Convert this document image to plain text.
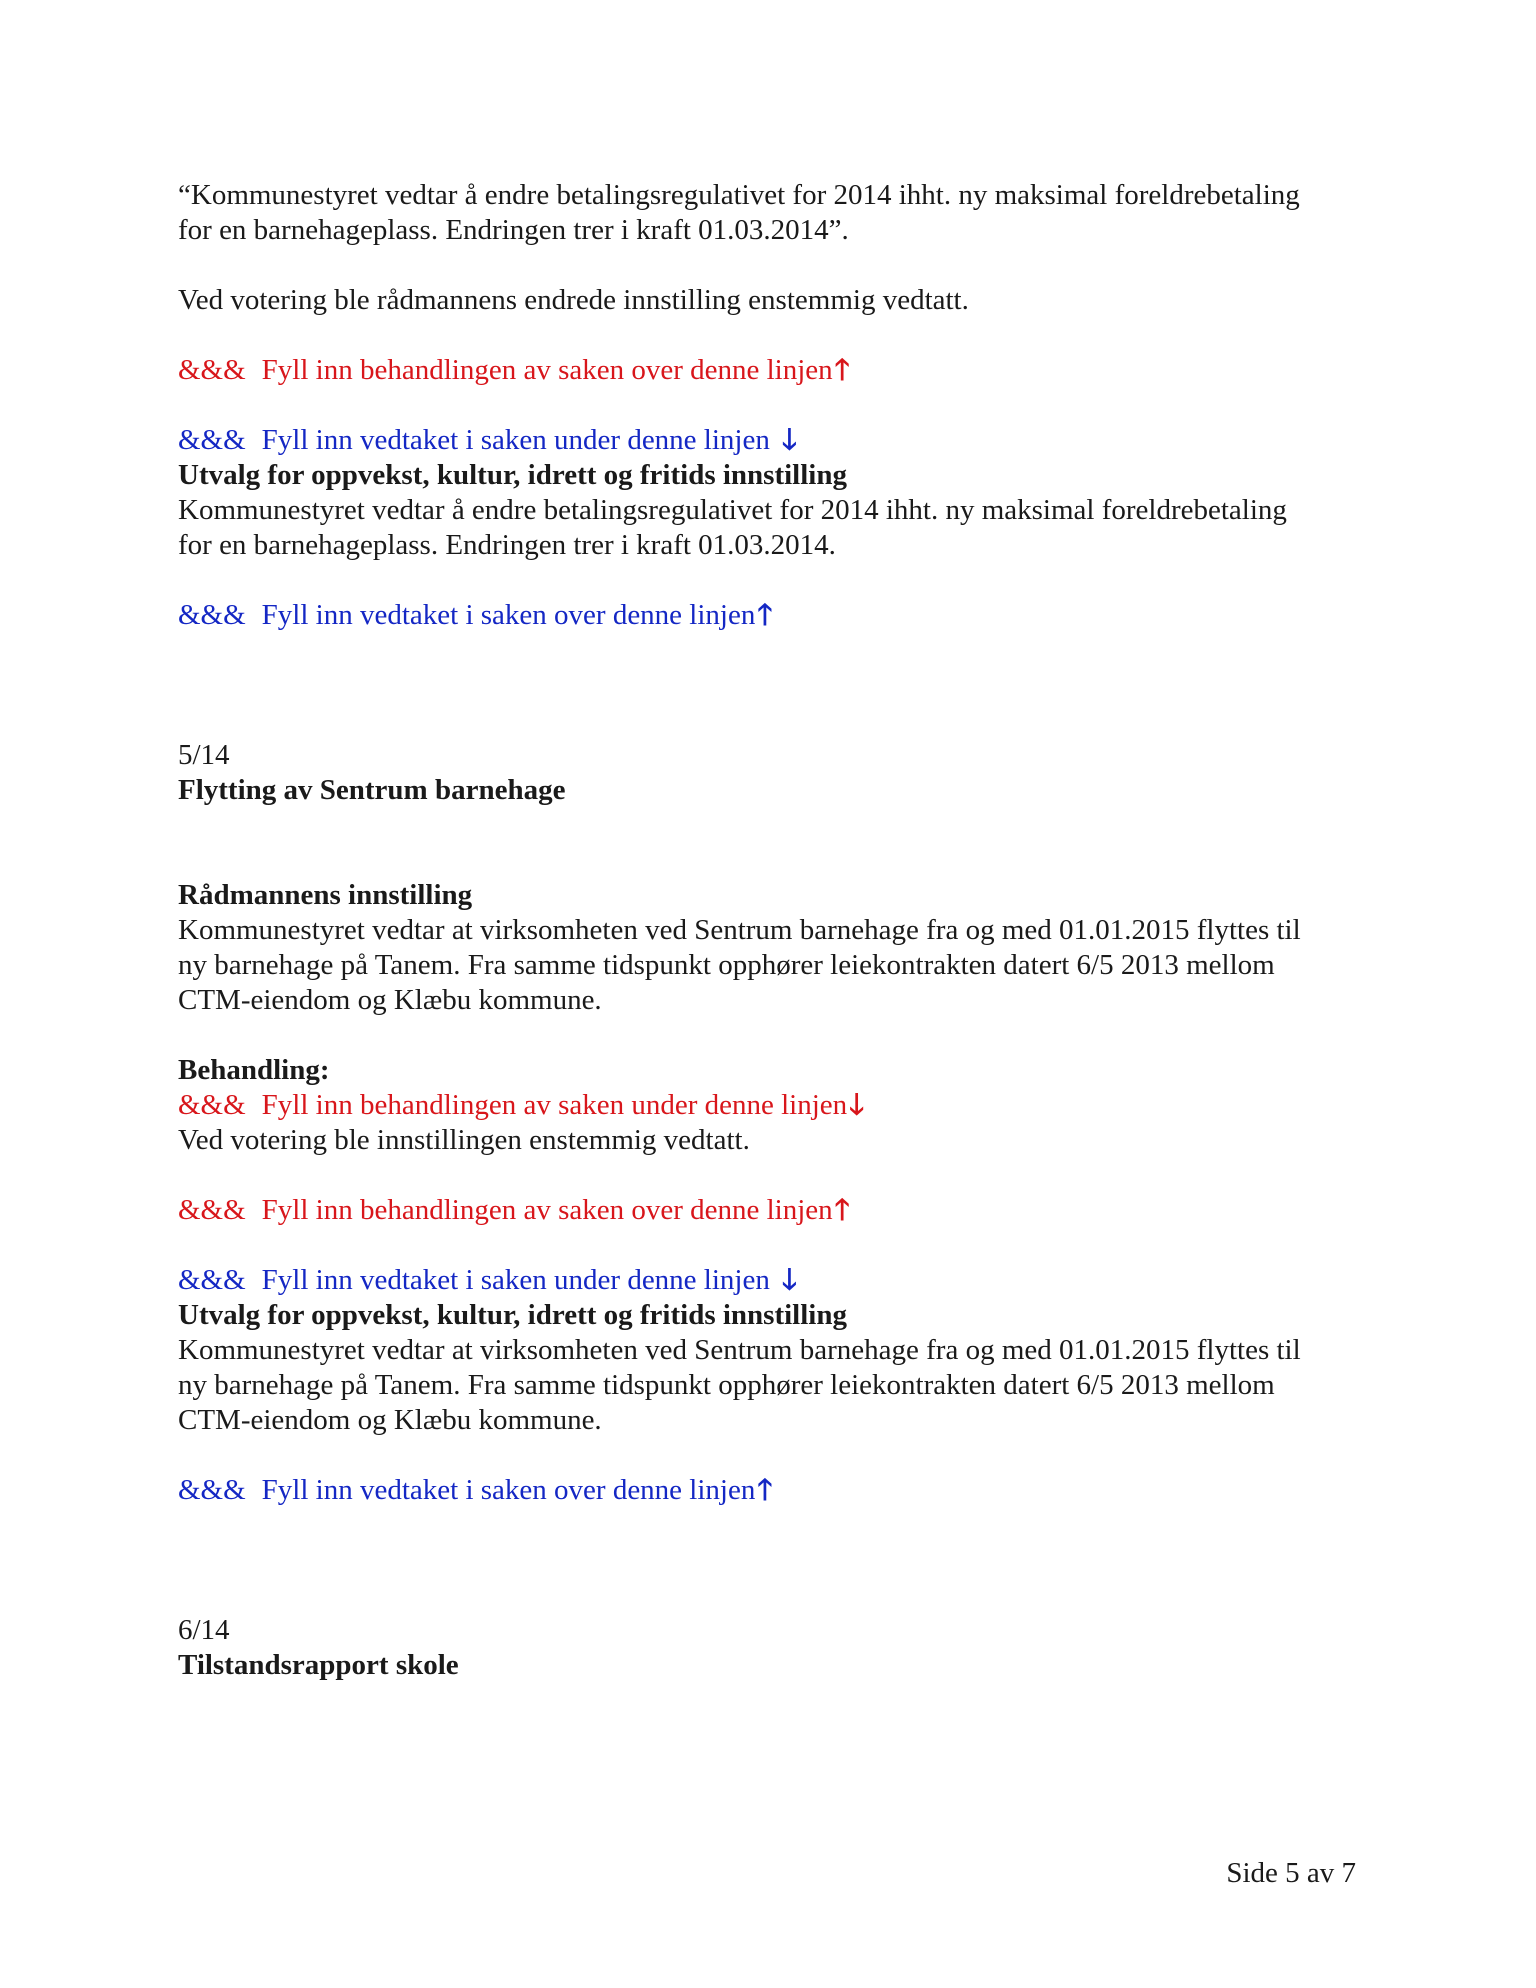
“Kommunestyret vedtar å endre betalingsregulativet for 2014 ihht. ny maksimal foreldrebetaling

for en barnehageplass. Endringen trer i kraft 01.03.2014”.

Ved votering ble rådmannens endrede innstilling enstemmig vedtatt.

&&& Fyll inn behandlingen av saken over denne linjen🡑

&&& Fyll inn vedtaket i saken under denne linjen 🡓

Utvalg for oppvekst, kultur, idrett og fritids innstilling

Kommunestyret vedtar å endre betalingsregulativet for 2014 ihht. ny maksimal foreldrebetaling

for en barnehageplass. Endringen trer i kraft 01.03.2014.

&&& Fyll inn vedtaket i saken over denne linjen🡑

5/14

Flytting av Sentrum barnehage

Rådmannens innstilling

Kommunestyret vedtar at virksomheten ved Sentrum barnehage fra og med 01.01.2015 flyttes til

ny barnehage på Tanem. Fra samme tidspunkt opphører leiekontrakten datert 6/5 2013 mellom

CTM-eiendom og Klæbu kommune.

Behandling:

&&& Fyll inn behandlingen av saken under denne linjen🡓

Ved votering ble innstillingen enstemmig vedtatt.

&&& Fyll inn behandlingen av saken over denne linjen🡑

&&& Fyll inn vedtaket i saken under denne linjen 🡓

Utvalg for oppvekst, kultur, idrett og fritids innstilling

Kommunestyret vedtar at virksomheten ved Sentrum barnehage fra og med 01.01.2015 flyttes til

ny barnehage på Tanem. Fra samme tidspunkt opphører leiekontrakten datert 6/5 2013 mellom

CTM-eiendom og Klæbu kommune.

&&& Fyll inn vedtaket i saken over denne linjen🡑

6/14

Tilstandsrapport skole

Side 5 av 7
